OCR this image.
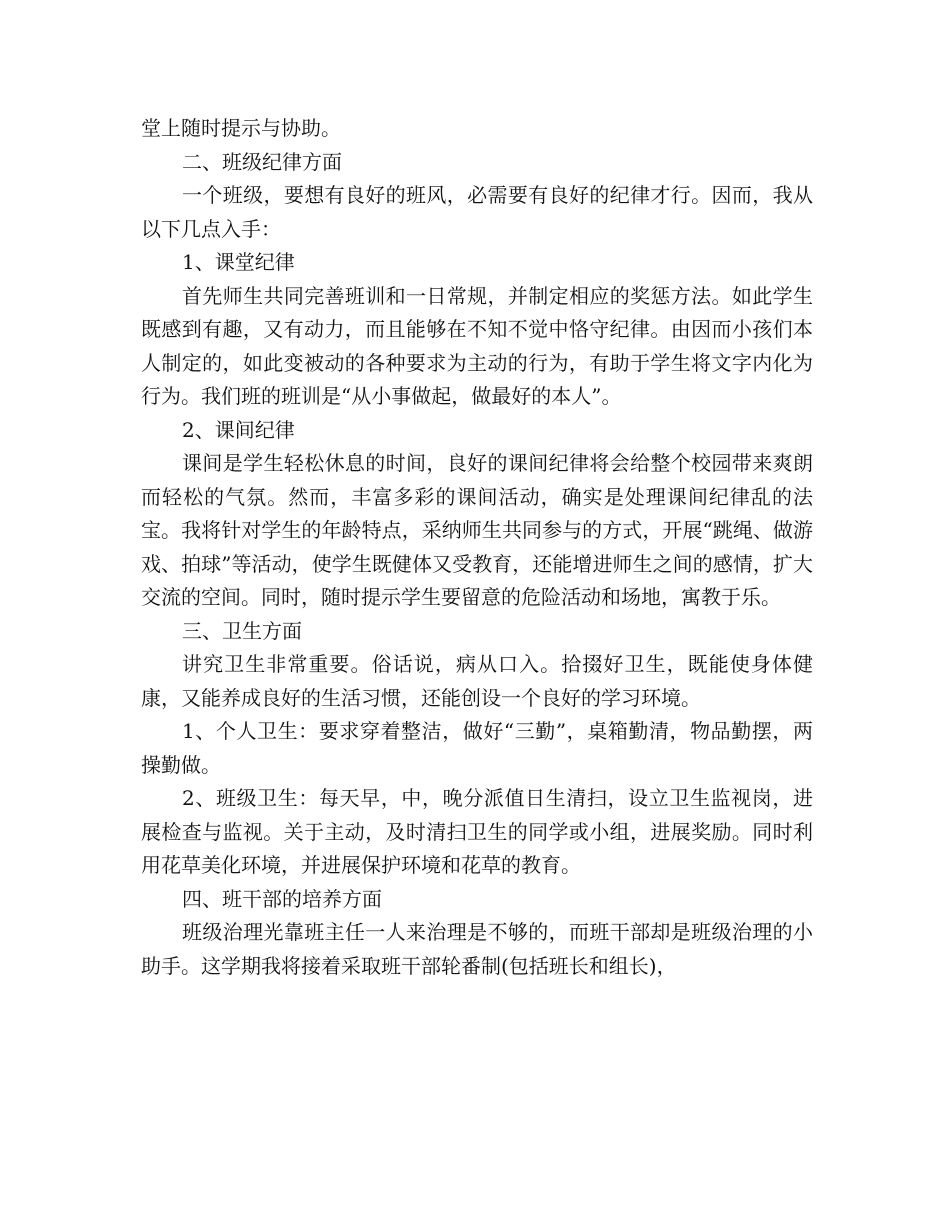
堂上随时提示与协助。

二、班级纪律方面

一个班级，要想有良好的班风，必需要有良好的纪律才行。因而，我从以下几点入手：

1、课堂纪律

首先师生共同完善班训和一日常规，并制定相应的奖惩方法。如此学生既感到有趣，又有动力，而且能够在不知不觉中恪守纪律。由因而小孩们本人制定的，如此变被动的各种要求为主动的行为，有助于学生将文字内化为行为。我们班的班训是“从小事做起，做最好的本人”。

2、课间纪律

课间是学生轻松休息的时间，良好的课间纪律将会给整个校园带来爽朗而轻松的气氛。然而，丰富多彩的课间活动，确实是处理课间纪律乱的法宝。我将针对学生的年龄特点，采纳师生共同参与的方式，开展“跳绳、做游戏、拍球”等活动，使学生既健体又受教育，还能增进师生之间的感情，扩大交流的空间。同时，随时提示学生要留意的危险活动和场地，寓教于乐。

三、卫生方面

讲究卫生非常重要。俗话说，病从口入。拾掇好卫生，既能使身体健康，又能养成良好的生活习惯，还能创设一个良好的学习环境。

1、个人卫生：要求穿着整洁，做好“三勤”，桌箱勤清，物品勤摆，两操勤做。

2、班级卫生：每天早，中，晚分派值日生清扫，设立卫生监视岗，进展检查与监视。关于主动，及时清扫卫生的同学或小组，进展奖励。同时利用花草美化环境，并进展保护环境和花草的教育。

四、班干部的培养方面

班级治理光靠班主任一人来治理是不够的，而班干部却是班级治理的小助手。这学期我将接着采取班干部轮番制(包括班长和组长)，
